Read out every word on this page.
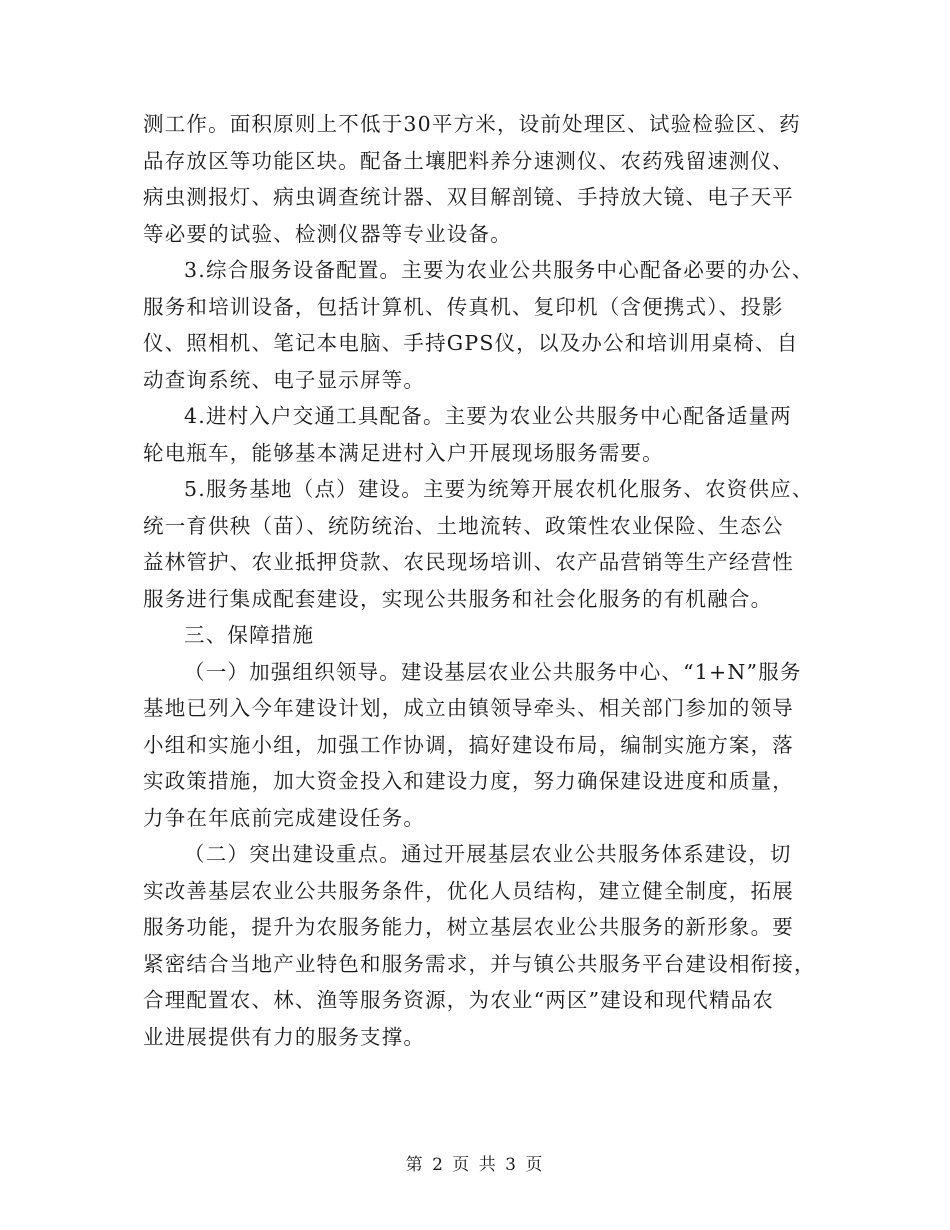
测工作。面积原则上不低于30平方米，设前处理区、试验检验区、药
品存放区等功能区块。配备土壤肥料养分速测仪、农药残留速测仪、
病虫测报灯、病虫调查统计器、双目解剖镜、手持放大镜、电子天平
等必要的试验、检测仪器等专业设备。
3.综合服务设备配置。主要为农业公共服务中心配备必要的办公、
服务和培训设备，包括计算机、传真机、复印机（含便携式）、投影
仪、照相机、笔记本电脑、手持GPS仪，以及办公和培训用桌椅、自
动查询系统、电子显示屏等。
4.进村入户交通工具配备。主要为农业公共服务中心配备适量两
轮电瓶车，能够基本满足进村入户开展现场服务需要。
5.服务基地（点）建设。主要为统筹开展农机化服务、农资供应、
统一育供秧（苗）、统防统治、土地流转、政策性农业保险、生态公
益林管护、农业抵押贷款、农民现场培训、农产品营销等生产经营性
服务进行集成配套建设，实现公共服务和社会化服务的有机融合。
三、保障措施
（一）加强组织领导。建设基层农业公共服务中心、“1+N”服务
基地已列入今年建设计划，成立由镇领导牵头、相关部门参加的领导
小组和实施小组，加强工作协调，搞好建设布局，编制实施方案，落
实政策措施，加大资金投入和建设力度，努力确保建设进度和质量，
力争在年底前完成建设任务。
（二）突出建设重点。通过开展基层农业公共服务体系建设，切
实改善基层农业公共服务条件，优化人员结构，建立健全制度，拓展
服务功能，提升为农服务能力，树立基层农业公共服务的新形象。要
紧密结合当地产业特色和服务需求，并与镇公共服务平台建设相衔接，
合理配置农、林、渔等服务资源，为农业“两区”建设和现代精品农
业进展提供有力的服务支撑。
第 2 页 共 3 页
